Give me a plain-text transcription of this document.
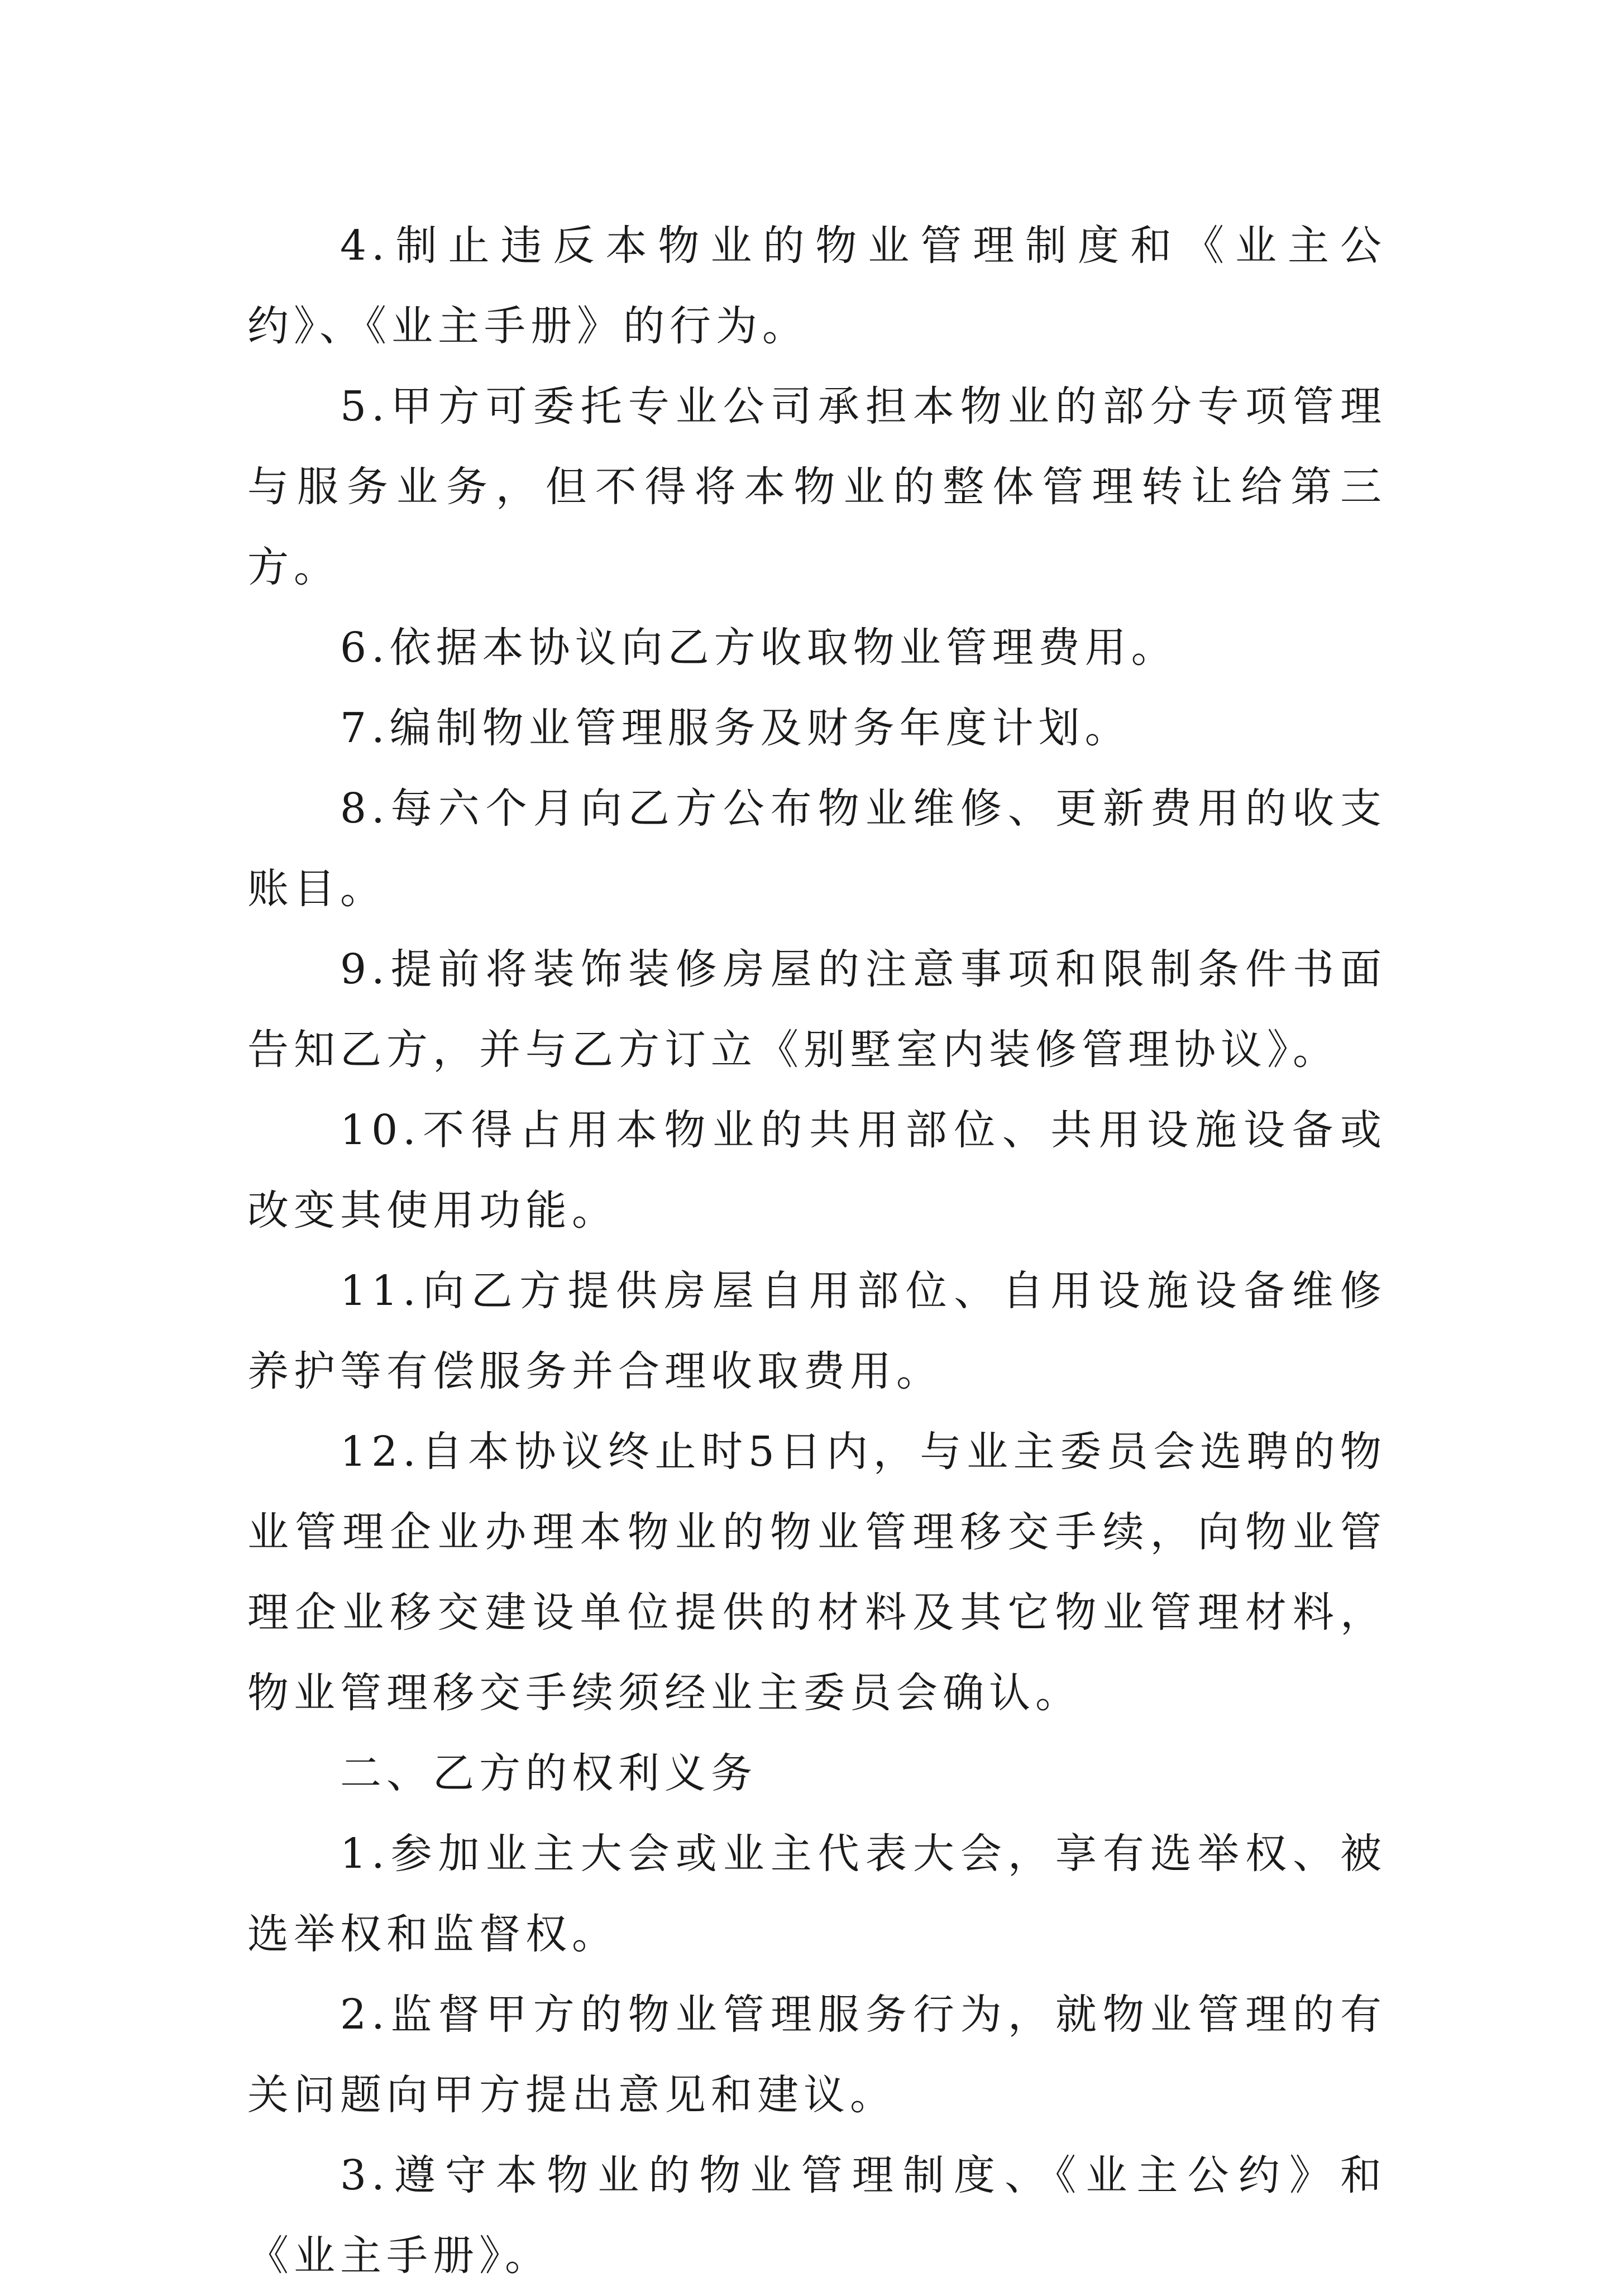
4.制止违反本物业的物业管理制度和《业主公约》、《业主手册》的行为。

5.甲方可委托专业公司承担本物业的部分专项管理与服务业务，但不得将本物业的整体管理转让给第三方。

6.依据本协议向乙方收取物业管理费用。

7.编制物业管理服务及财务年度计划。

8.每六个月向乙方公布物业维修、更新费用的收支账目。

9.提前将装饰装修房屋的注意事项和限制条件书面告知乙方，并与乙方订立《别墅室内装修管理协议》。

10.不得占用本物业的共用部位、共用设施设备或改变其使用功能。

11.向乙方提供房屋自用部位、自用设施设备维修养护等有偿服务并合理收取费用。

12.自本协议终止时5日内，与业主委员会选聘的物业管理企业办理本物业的物业管理移交手续，向物业管理企业移交建设单位提供的材料及其它物业管理材料，物业管理移交手续须经业主委员会确认。

二、乙方的权利义务

1.参加业主大会或业主代表大会，享有选举权、被选举权和监督权。

2.监督甲方的物业管理服务行为，就物业管理的有关问题向甲方提出意见和建议。

3.遵守本物业的物业管理制度、《业主公约》和《业主手册》。
